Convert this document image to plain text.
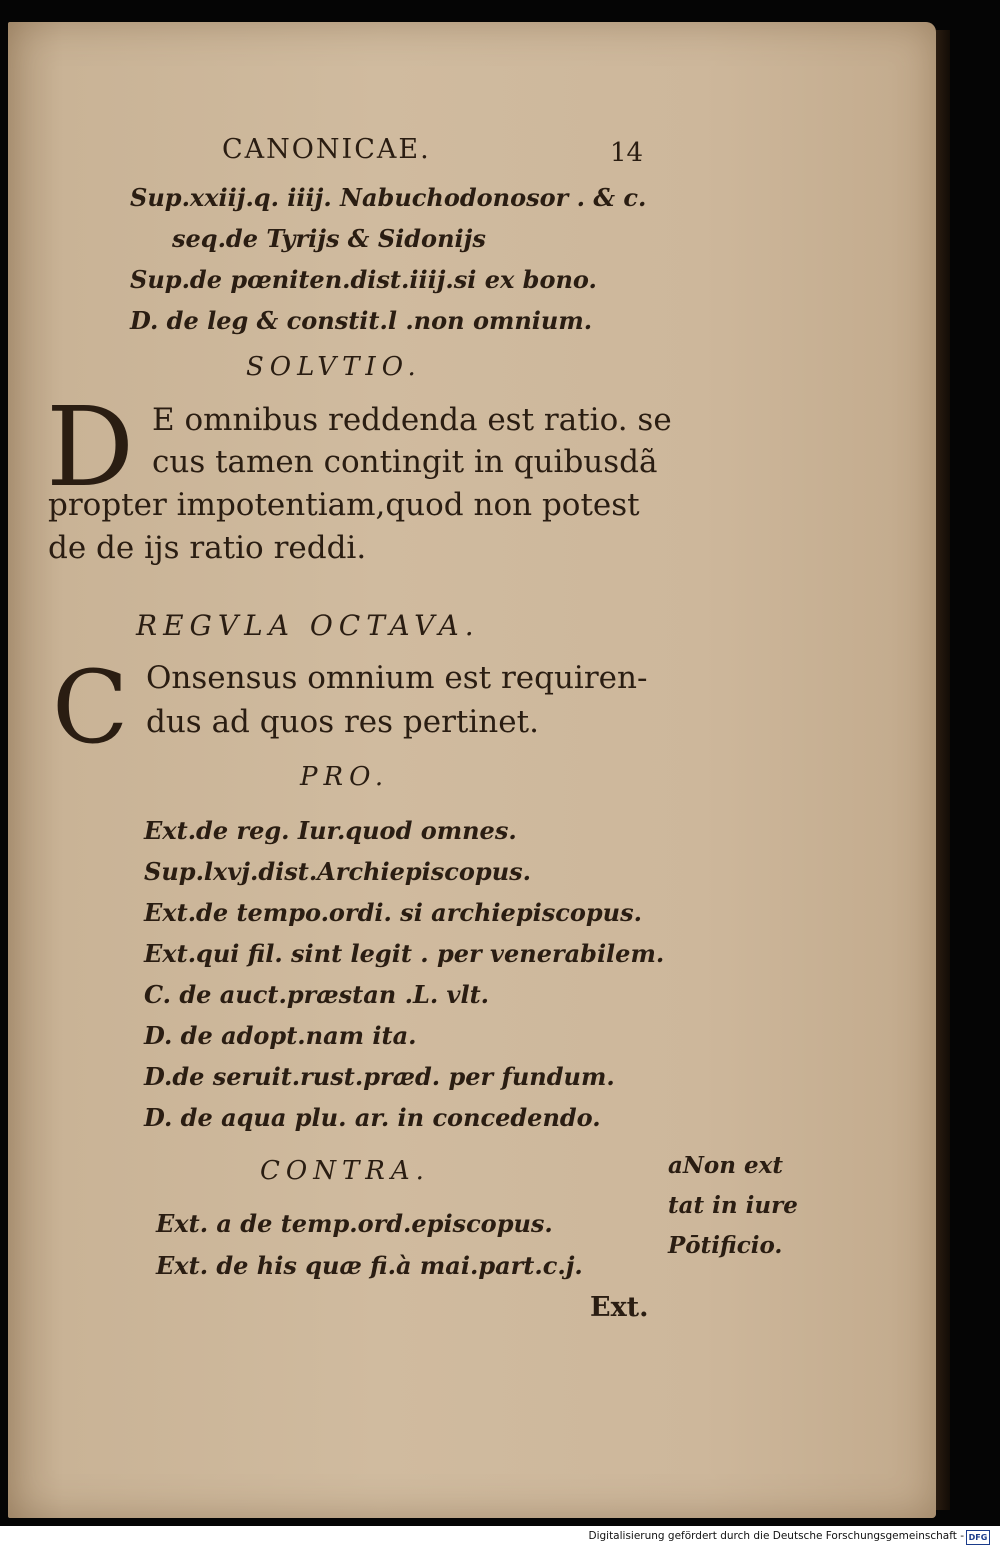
CANONICAE.	14
Sup.xxiij.q. iiij. Nabuchodonosor . & c.
seq.de Tyrijs & Sidonijs
Sup.de pœniten.dist.iiij.si ex bono.
D. de leg & constit.l .non omnium.
SOLVTIO.
D E omnibus reddenda est ratio. se
cus tamen contingit in quibusdã
propter impotentiam,quod non potest
de de ijs ratio reddi.
REGVLA OCTAVA.
C Onsensus omnium est requiren-
dus ad quos res pertinet.
PRO.
Ext.de reg. Iur.quod omnes.
Sup.lxvj.dist.Archiepiscopus.
Ext.de tempo.ordi. si archiepiscopus.
Ext.qui fil. sint legit . per venerabilem.
C. de auct.præstan .L. vlt.
D. de adopt.nam ita.
D.de seruit.rust.præd. per fundum.
D. de aqua plu. ar. in concedendo.
CONTRA.
Ext. a de temp.ord.episcopus.
Ext. de his quæ fi.à mai.part.c.j.
aNon ext
tat in iure
Pōtificio.
Ext.
Digitalisierung gefördert durch die Deutsche Forschungsgemeinschaft - DFG
